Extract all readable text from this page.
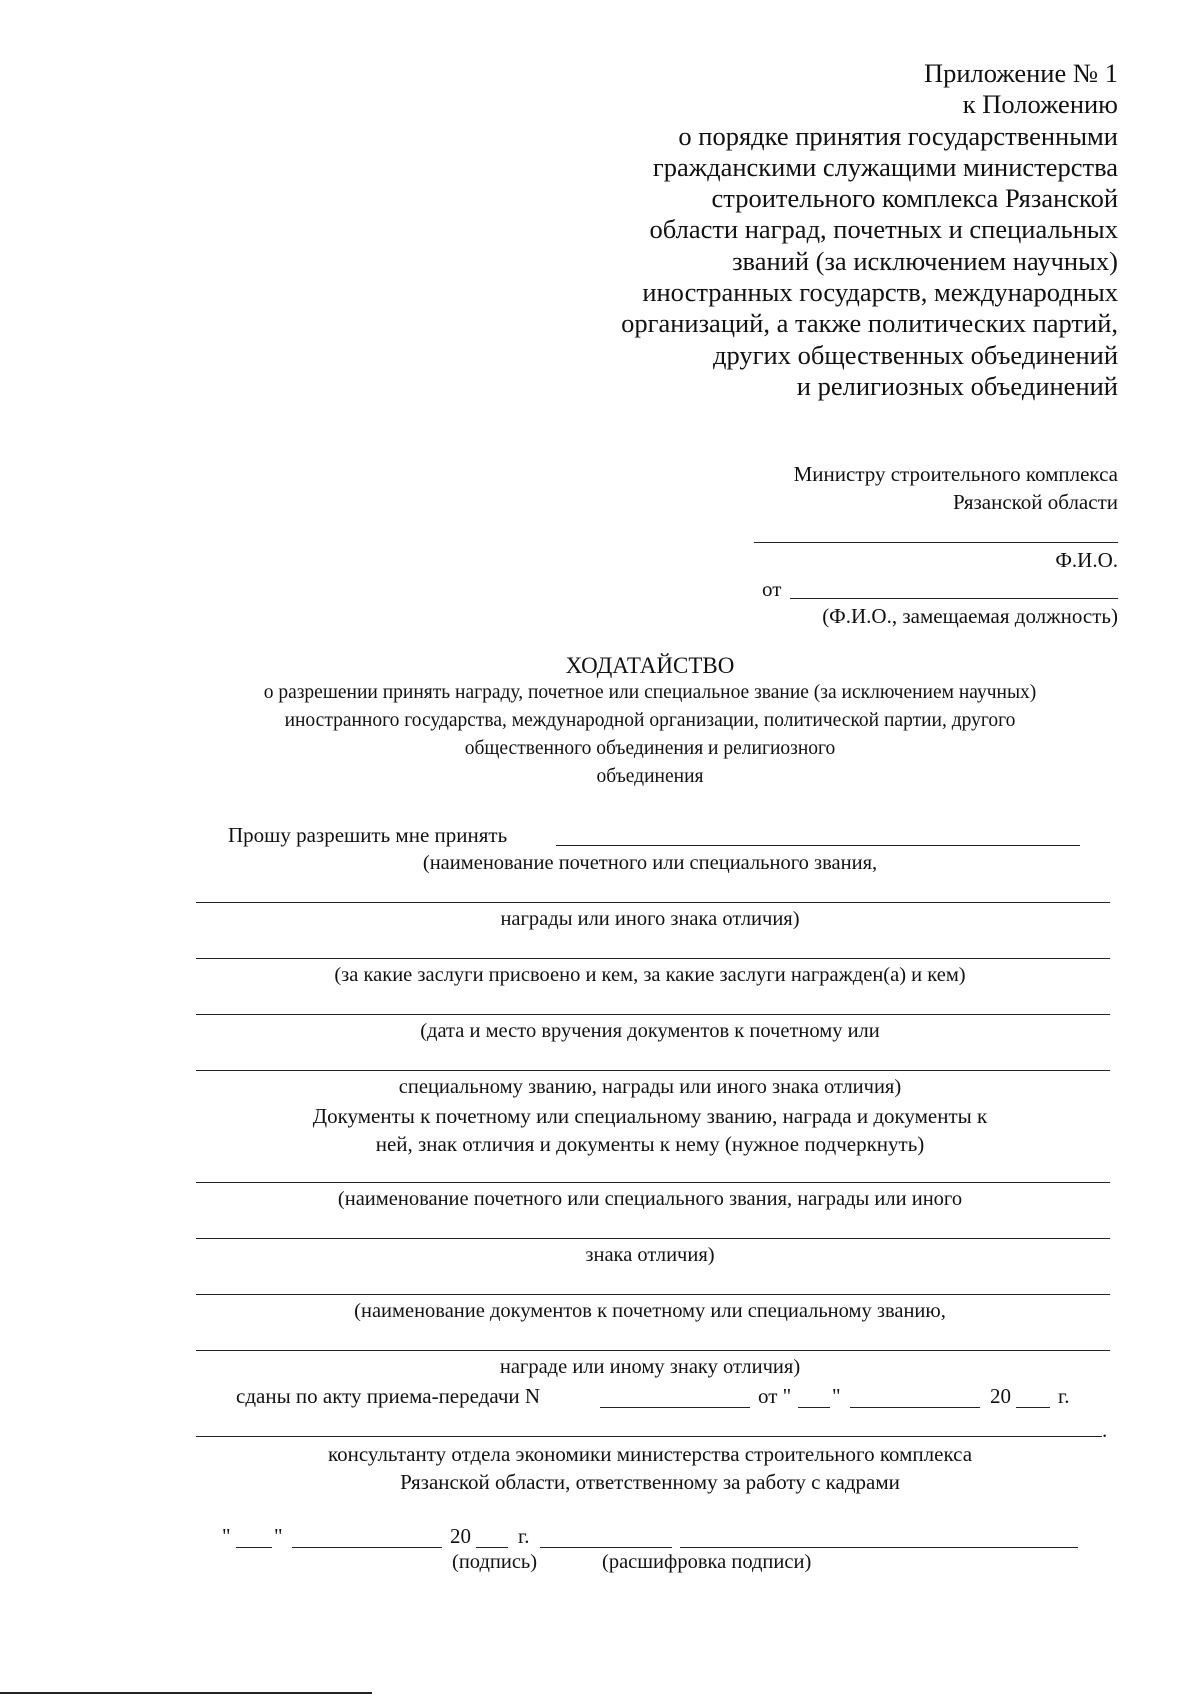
Приложение № 1
к Положению
о порядке принятия государственными
гражданскими служащими министерства
строительного комплекса Рязанской
области наград, почетных и специальных
званий (за исключением научных)
иностранных государств, международных
организаций, а также политических партий,
других общественных объединений
и религиозных объединений
Министру строительного комплекса
Рязанской области
Ф.И.О.
от
(Ф.И.О., замещаемая должность)
ХОДАТАЙСТВО
о разрешении принять награду, почетное или специальное звание (за исключением научных)
иностранного государства, международной организации, политической партии, другого
общественного объединения и религиозного
объединения
Прошу разрешить мне принять
(наименование почетного или специального звания,
награды или иного знака отличия)
(за какие заслуги присвоено и кем, за какие заслуги награжден(а) и кем)
(дата и место вручения документов к почетному или
специальному званию, награды или иного знака отличия)
Документы к почетному или специальному званию, награда и документы к
ней, знак отличия и документы к нему (нужное подчеркнуть)
(наименование почетного или специального звания, награды или иного
знака отличия)
(наименование документов к почетному или специальному званию,
награде или иному знаку отличия)
сданы по акту приема-передачи N	от " "	20 г.
.
консультанту отдела экономики министерства строительного комплекса
Рязанской области, ответственному за работу с кадрами
" "	20 г.
(подпись)	(расшифровка подписи)
